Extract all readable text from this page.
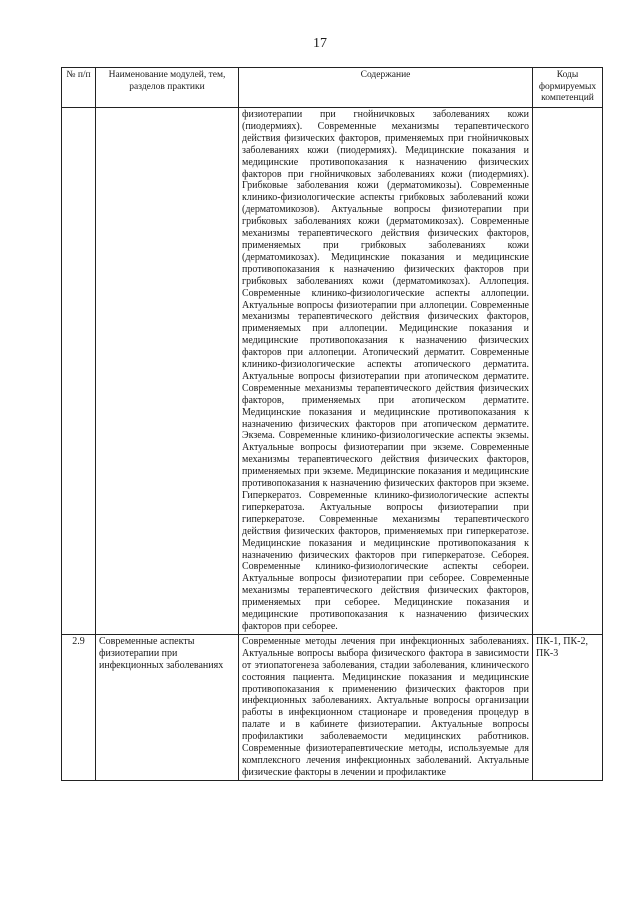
17
№ п/п	Наименование модулей, тем, разделов практики	Содержание	Коды формируемых компетенций
		физиотерапии при гнойничковых заболеваниях кожи (пиодермиях). Современные механизмы терапевтического действия физических факторов, применяемых при гнойничковых заболеваниях кожи (пиодермиях). Медицинские показания и медицинские противопоказания к назначению физических факторов при гнойничковых заболеваниях кожи (пиодермиях). Грибковые заболевания кожи (дерматомикозы). Современные клинико-физиологические аспекты грибковых заболеваний кожи (дерматомикозов). Актуальные вопросы физиотерапии при грибковых заболеваниях кожи (дерматомикозах). Современные механизмы терапевтического действия физических факторов, применяемых при грибковых заболеваниях кожи (дерматомикозах). Медицинские показания и медицинские противопоказания к назначению физических факторов при грибковых заболеваниях кожи (дерматомикозах). Аллопеция. Современные клинико-физиологические аспекты аллопеции. Актуальные вопросы физиотерапии при аллопеции. Современные механизмы терапевтического действия физических факторов, применяемых при аллопеции. Медицинские показания и медицинские противопоказания к назначению физических факторов при аллопеции. Атопический дерматит. Современные клинико-физиологические аспекты атопического дерматита. Актуальные вопросы физиотерапии при атопическом дерматите. Современные механизмы терапевтического действия физических факторов, применяемых при атопическом дерматите. Медицинские показания и медицинские противопоказания к назначению физических факторов при атопическом дерматите. Экзема. Современные клинико-физиологические аспекты экземы. Актуальные вопросы физиотерапии при экземе. Современные механизмы терапевтического действия физических факторов, применяемых при экземе. Медицинские показания и медицинские противопоказания к назначению физических факторов при экземе. Гиперкератоз. Современные клинико-физиологические аспекты гиперкератоза. Актуальные вопросы физиотерапии при гиперкератозе. Современные механизмы терапевтического действия физических факторов, применяемых при гиперкератозе. Медицинские показания и медицинские противопоказания к назначению физических факторов при гиперкератозе. Себорея. Современные клинико-физиологические аспекты себореи. Актуальные вопросы физиотерапии при себорее. Современные механизмы терапевтического действия физических факторов, применяемых при себорее. Медицинские показания и медицинские противопоказания к назначению физических факторов при себорее.	
2.9	Современные аспекты физиотерапии при инфекционных заболеваниях	Современные методы лечения при инфекционных заболеваниях. Актуальные вопросы выбора физического фактора в зависимости от этиопатогенеза заболевания, стадии заболевания, клинического состояния пациента. Медицинские показания и медицинские противопоказания к применению физических факторов при инфекционных заболеваниях. Актуальные вопросы организации работы в инфекционном стационаре и проведения процедур в палате и в кабинете физиотерапии. Актуальные вопросы профилактики заболеваемости медицинских работников. Современные физиотерапевтические методы, используемые для комплексного лечения инфекционных заболеваний. Актуальные физические факторы в лечении и профилактике	ПК-1, ПК-2, ПК-3
